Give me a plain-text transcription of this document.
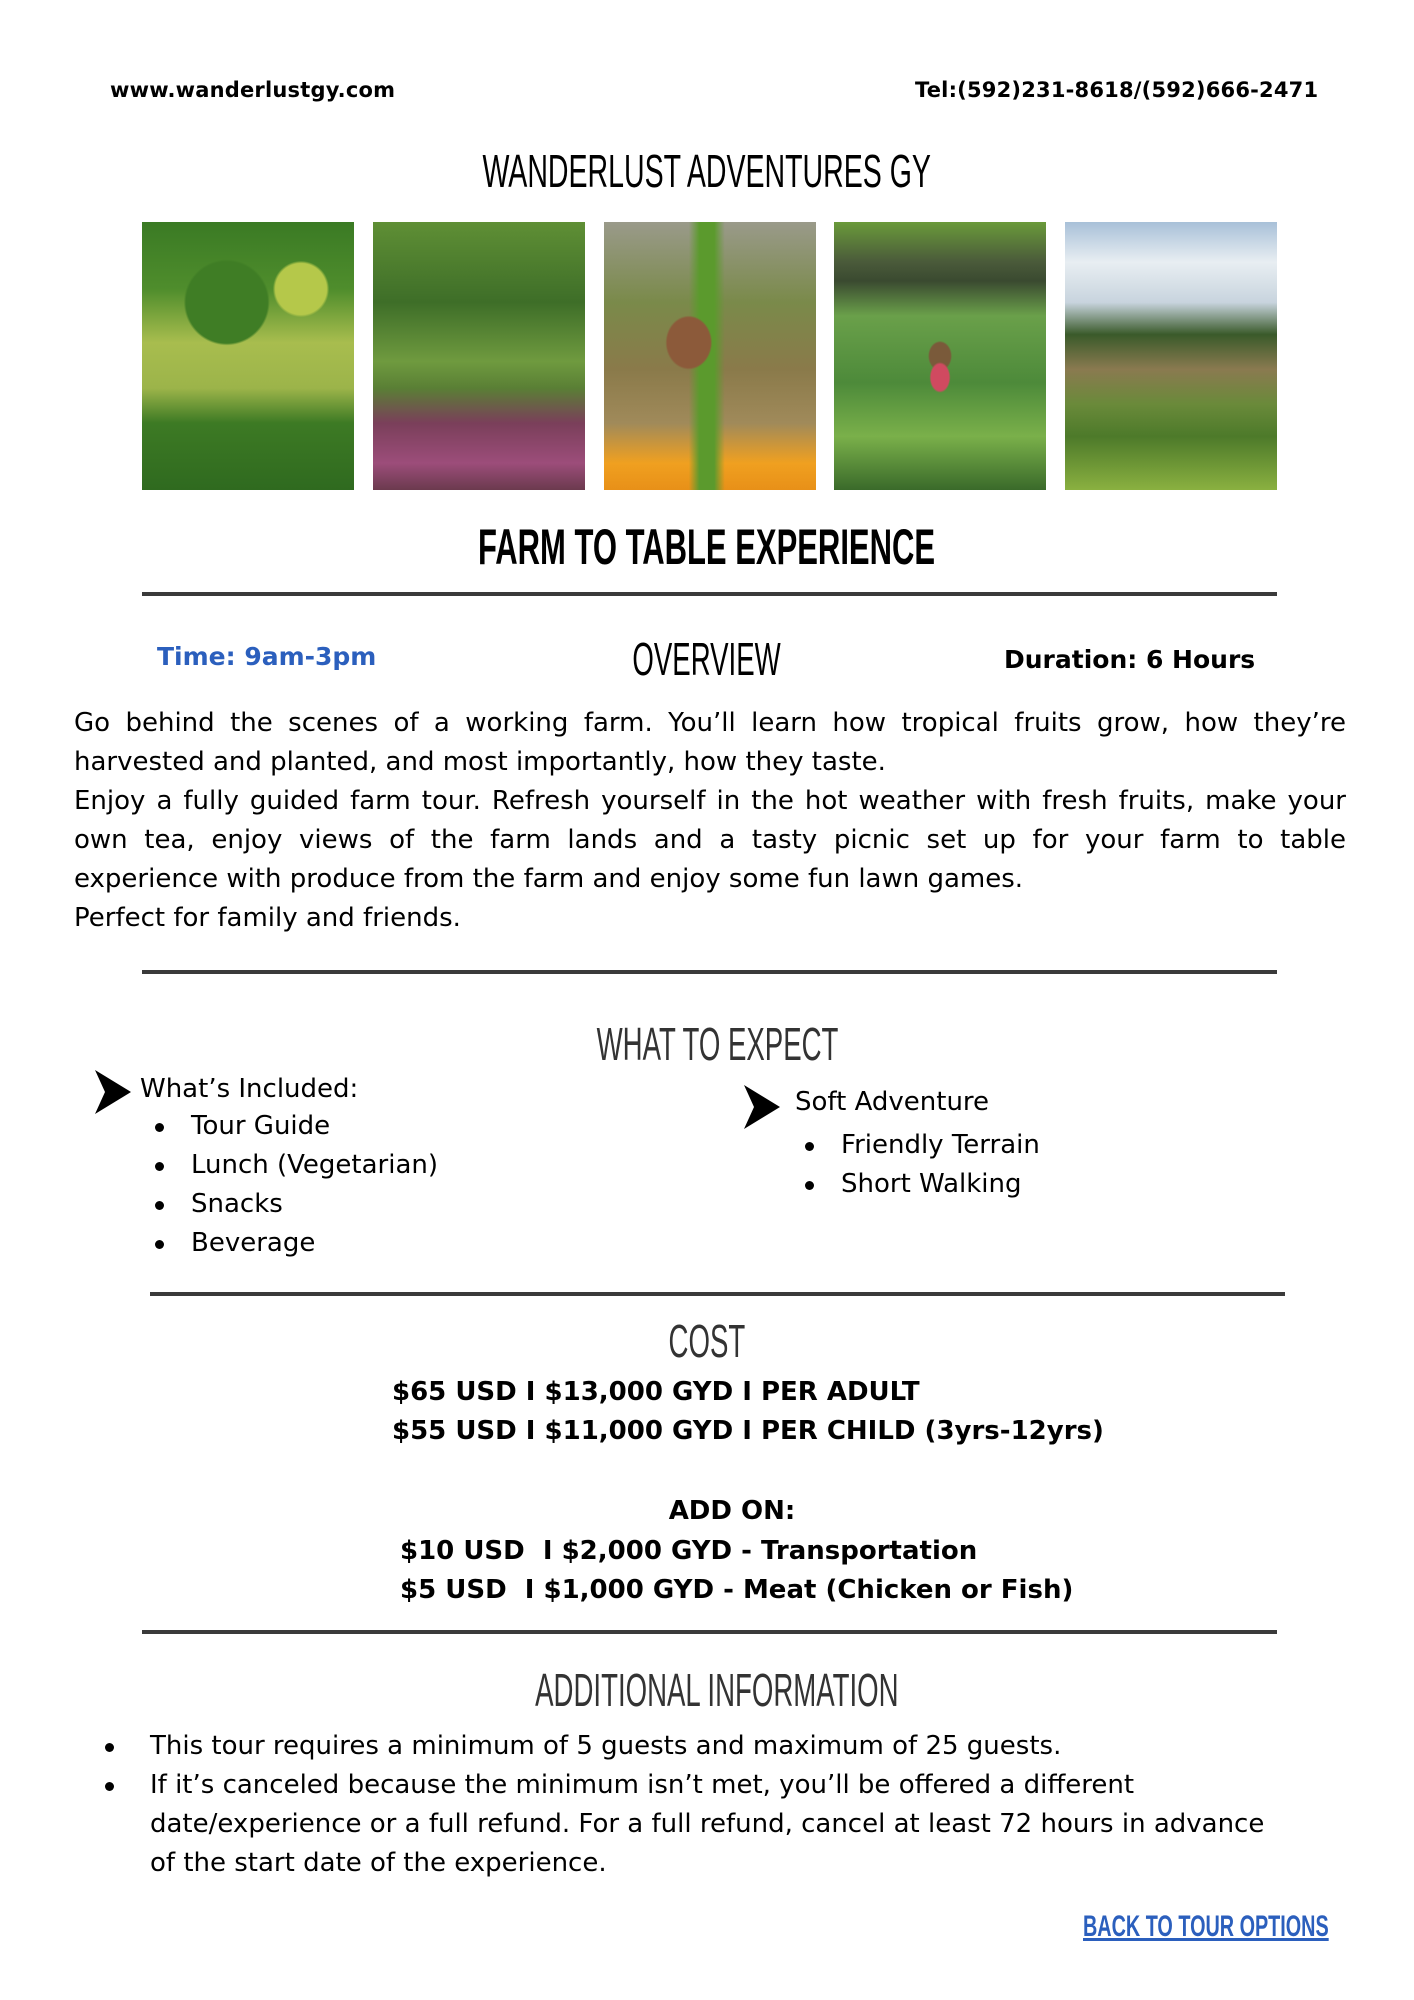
www.wanderlustgy.com	Tel:(592)231-8618/(592)666-2471
WANDERLUST ADVENTURES GY
FARM TO TABLE EXPERIENCE
Time: 9am-3pm	OVERVIEW	Duration: 6 Hours

Go behind the scenes of a working farm. You’ll learn how tropical fruits grow, how they’re harvested and planted, and most importantly, how they taste.

Enjoy a fully guided farm tour. Refresh yourself in the hot weather with fresh fruits, make your own tea, enjoy views of the farm lands and a tasty picnic set up for your farm to table experience with produce from the farm and enjoy some fun lawn games.

Perfect for family and friends.

WHAT TO EXPECT
What’s Included:
Tour Guide
Lunch (Vegetarian)
Snacks
Beverage
Soft Adventure
Friendly Terrain
Short Walking
COST
$65 USD I $13,000 GYD I PER ADULT
$55 USD I $11,000 GYD I PER CHILD (3yrs-12yrs)
ADD ON:
$10 USD  I $2,000 GYD - Transportation
$5 USD  I $1,000 GYD - Meat (Chicken or Fish)
ADDITIONAL INFORMATION
This tour requires a minimum of 5 guests and maximum of 25 guests.
If it’s canceled because the minimum isn’t met, you’ll be offered a different date/experience or a full refund. For a full refund, cancel at least 72 hours in advance of the start date of the experience.
BACK TO TOUR OPTIONS
